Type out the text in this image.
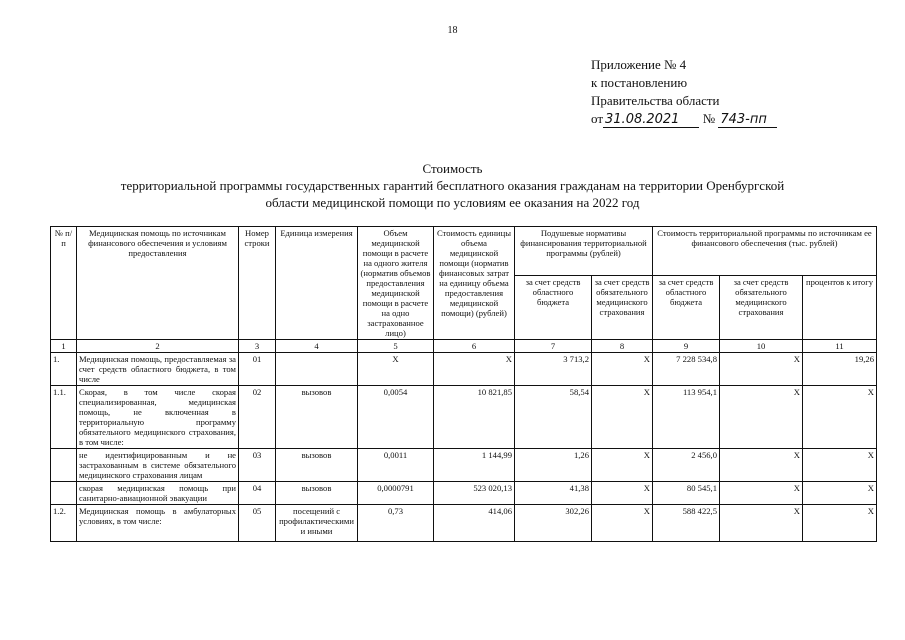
18
Приложение № 4
к постановлению
Правительства области
от 31.08.2021 № 743-пп
Стоимость
территориальной программы государственных гарантий бесплатного оказания гражданам на территории Оренбургской
области медицинской помощи по условиям ее оказания на 2022 год
№ п/п	Медицинская помощь по источникам финансового обеспечения и условиям предоставления	Номер строки	Единица измерения	Объем медицинской помощи в расчете на одного жителя (норматив объемов предоставления медицинской помощи в расчете на одно застрахованное лицо)	Стоимость единицы объема медицинской помощи (норматив финансовых затрат на единицу объема предоставления медицинской помощи) (рублей)	Подушевые нормативы финансирования территориальной программы (рублей)		Стоимость территориальной программы по источникам ее финансового обеспечения (тыс. рублей)		
						за счет средств областного бюджета	за счет средств обязательного медицинского страхования	за счет средств областного бюджета	за счет средств обязательного медицинского страхования	процентов к итогу
1	2	3	4	5	6	7	8	9	10	11
1.	Медицинская помощь, предоставляемая за счет средств областного бюджета, в том числе	01		X	X	3 713,2	X	7 228 534,8	X	19,26
1.1.	Скорая, в том числе скорая специализированная, медицинская помощь, не включенная в территориальную программу обязательного медицинского страхования, в том числе:	02	вызовов	0,0054	10 821,85	58,54	X	113 954,1	X	X
	не идентифицированным и не застрахованным в системе обязательного медицинского страхования лицам	03	вызовов	0,0011	1 144,99	1,26	X	2 456,0	X	X
	скорая медицинская помощь при санитарно-авиационной эвакуации	04	вызовов	0,0000791	523 020,13	41,38	X	80 545,1	X	X
1.2.	Медицинская помощь в амбулаторных условиях, в том числе:	05	посещений с профилактическими и иными	0,73	414,06	302,26	X	588 422,5	X	X
